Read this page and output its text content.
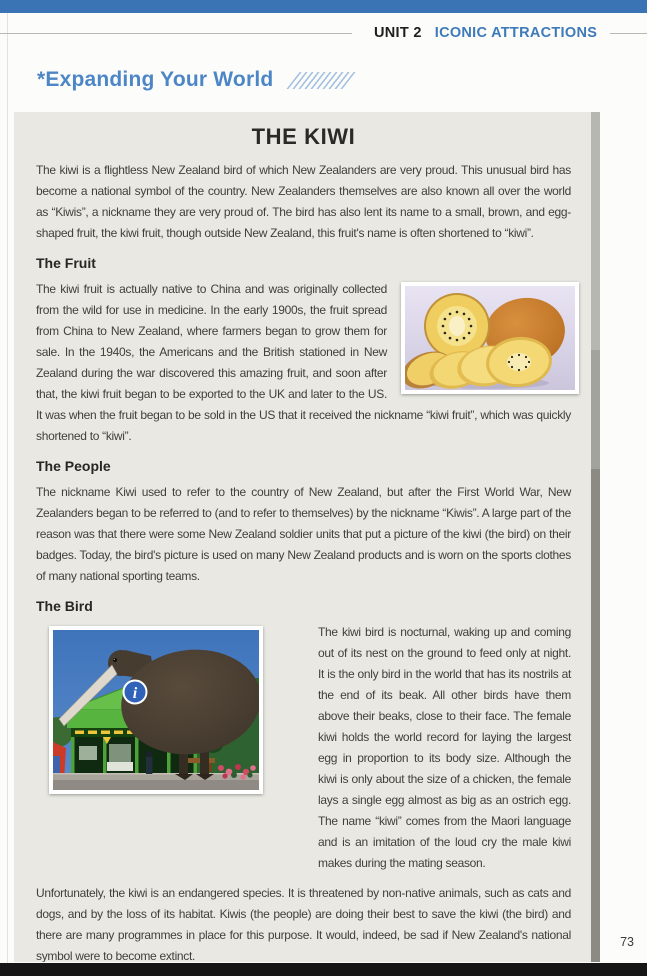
UNIT 2 ICONIC ATTRACTIONS
*Expanding Your World
THE KIWI

The kiwi is a flightless New Zealand bird of which New Zealanders are very proud. This unusual bird has become a national symbol of the country. New Zealanders themselves are also known all over the world as “Kiwis”, a nickname they are very proud of. The bird has also lent its name to a small, brown, and egg-shaped fruit, the kiwi fruit, though outside New Zealand, this fruit's name is often shortened to “kiwi”.

The Fruit

The kiwi fruit is actually native to China and was originally collected from the wild for use in medicine. In the early 1900s, the fruit spread from China to New Zealand, where farmers began to grow them for sale. In the 1940s, the Americans and the British stationed in New Zealand during the war discovered this amazing fruit, and soon after that, the kiwi fruit began to be exported to the UK and later to the US. It was when the fruit began to be sold in the US that it received the nickname “kiwi fruit”, which was quickly shortened to “kiwi”.

The People

The nickname Kiwi used to refer to the country of New Zealand, but after the First World War, New Zealanders began to be referred to (and to refer to themselves) by the nickname “Kiwis”. A large part of the reason was that there were some New Zealand soldier units that put a picture of the kiwi (the bird) on their badges. Today, the bird's picture is used on many New Zealand products and is worn on the sports clothes of many national sporting teams.

The Bird
i

The kiwi bird is nocturnal, waking up and coming out of its nest on the ground to feed only at night. It is the only bird in the world that has its nostrils at the end of its beak. All other birds have them above their beaks, close to their face. The female kiwi holds the world record for laying the largest egg in proportion to its body size. Although the kiwi is only about the size of a chicken, the female lays a single egg almost as big as an ostrich egg. The name “kiwi” comes from the Maori language and is an imitation of the loud cry the male kiwi makes during the mating season.

Unfortunately, the kiwi is an endangered species. It is threatened by non-native animals, such as cats and dogs, and by the loss of its habitat. Kiwis (the people) are doing their best to save the kiwi (the bird) and there are many programmes in place for this purpose. It would, indeed, be sad if New Zealand's national symbol were to become extinct.

73
